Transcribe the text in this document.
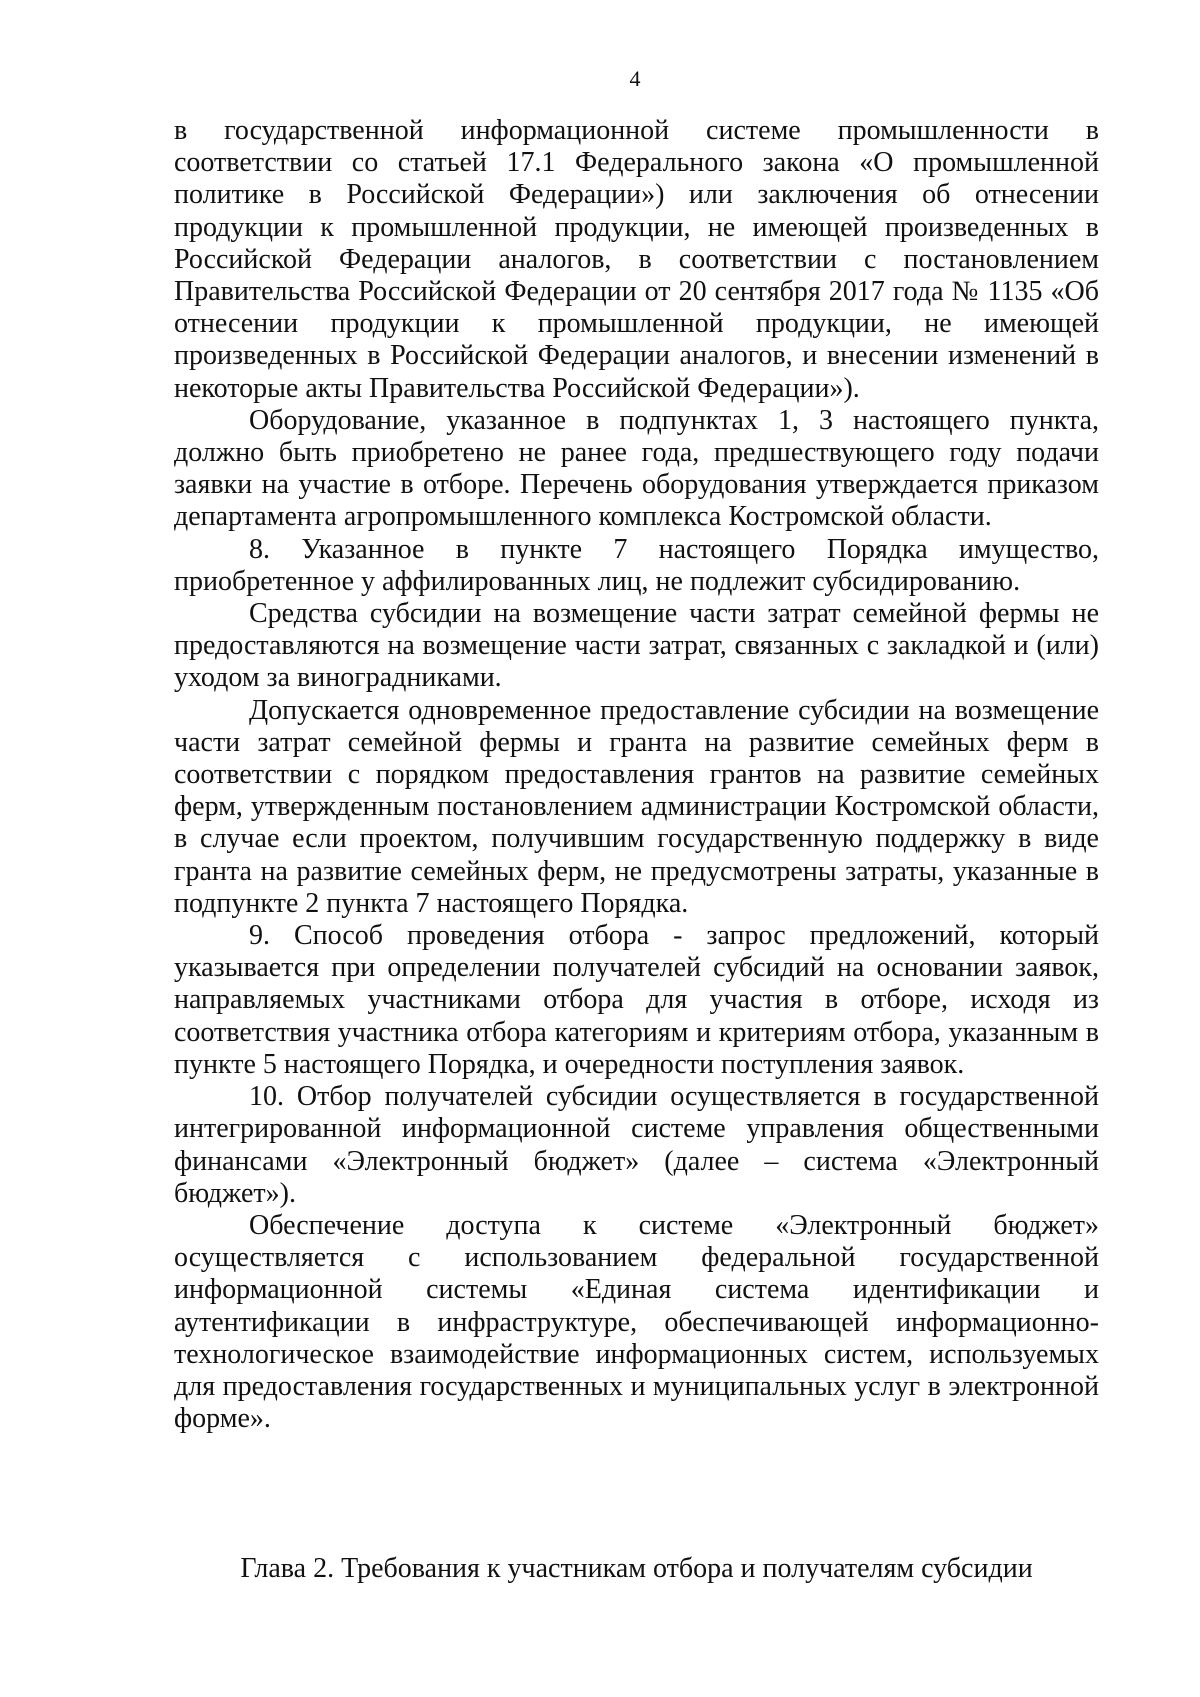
4

в государственной информационной системе промышленности в соответствии со статьей 17.1 Федерального закона «О промышленной политике в Российской Федерации») или заключения об отнесении продукции к промышленной продукции, не имеющей произведенных в Российской Федерации аналогов, в соответствии с постановлением Правительства Российской Федерации от 20 сентября 2017 года № 1135 «Об отнесении продукции к промышленной продукции, не имеющей произведенных в Российской Федерации аналогов, и внесении изменений в некоторые акты Правительства Российской Федерации»).

Оборудование, указанное в подпунктах 1, 3 настоящего пункта, должно быть приобретено не ранее года, предшествующего году подачи заявки на участие в отборе. Перечень оборудования утверждается приказом департамента агропромышленного комплекса Костромской области.

8. Указанное в пункте 7 настоящего Порядка имущество, приобретенное у аффилированных лиц, не подлежит субсидированию.

Средства субсидии на возмещение части затрат семейной фермы не предоставляются на возмещение части затрат, связанных с закладкой и (или) уходом за виноградниками.

Допускается одновременное предоставление субсидии на возмещение части затрат семейной фермы и гранта на развитие семейных ферм в соответствии с порядком предоставления грантов на развитие семейных ферм, утвержденным постановлением администрации Костромской области, в случае если проектом, получившим государственную поддержку в виде гранта на развитие семейных ферм, не предусмотрены затраты, указанные в подпункте 2 пункта 7 настоящего Порядка.

9. Способ проведения отбора - запрос предложений, который указывается при определении получателей субсидий на основании заявок, направляемых участниками отбора для участия в отборе, исходя из соответствия участника отбора категориям и критериям отбора, указанным в пункте 5 настоящего Порядка, и очередности поступления заявок.

10. Отбор получателей субсидии осуществляется в государственной интегрированной информационной системе управления общественными финансами «Электронный бюджет» (далее – система «Электронный бюджет»).

Обеспечение доступа к системе «Электронный бюджет» осуществляется с использованием федеральной государственной информационной системы «Единая система идентификации и аутентификации в инфраструктуре, обеспечивающей информационно-технологическое взаимодействие информационных систем, используемых для предоставления государственных и муниципальных услуг в электронной форме».

Глава 2. Требования к участникам отбора и получателям субсидии
